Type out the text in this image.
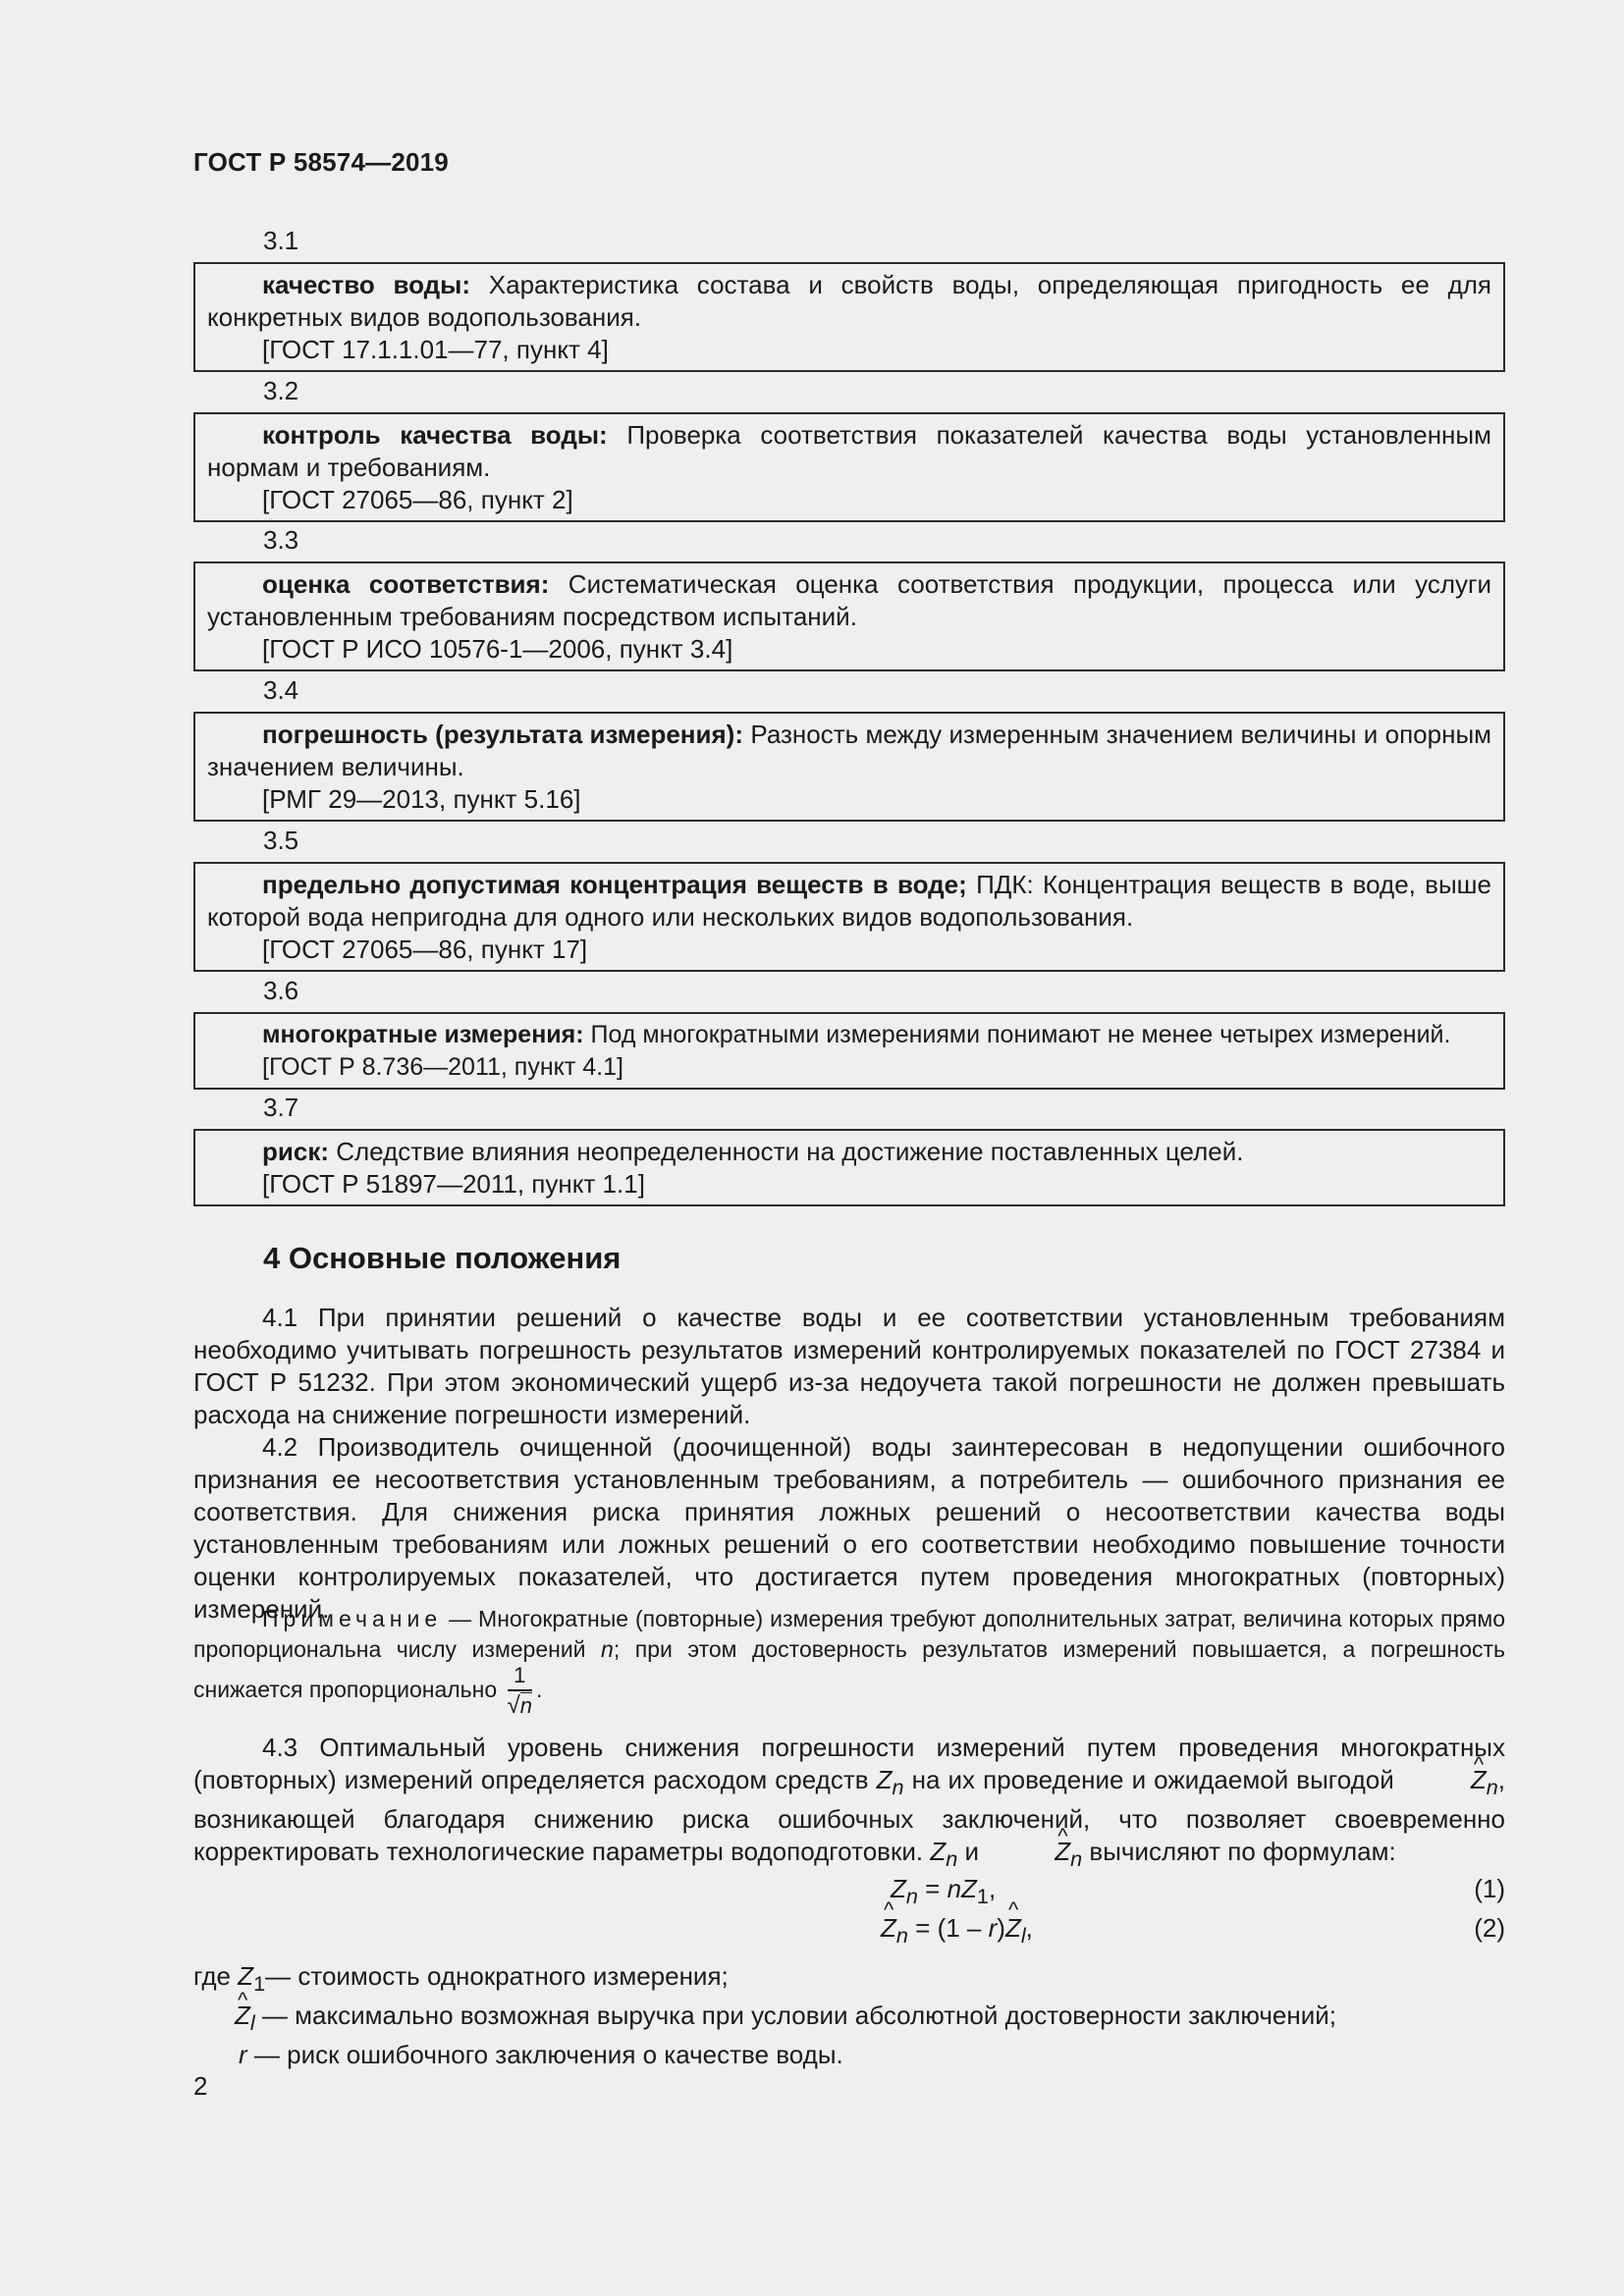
ГОСТ Р 58574—2019
3.1

качество воды: Характеристика состава и свойств воды, определяющая пригодность ее для конкретных видов водопользования.

[ГОСТ 17.1.1.01—77, пункт 4]
3.2

контроль качества воды: Проверка соответствия показателей качества воды установленным нормам и требованиям.

[ГОСТ 27065—86, пункт 2]
3.3

оценка соответствия: Систематическая оценка соответствия продукции, процесса или услуги установленным требованиям посредством испытаний.

[ГОСТ Р ИСО 10576-1—2006, пункт 3.4]
3.4

погрешность (результата измерения): Разность между измеренным значением величины и опорным значением величины.

[РМГ 29—2013, пункт 5.16]
3.5

предельно допустимая концентрация веществ в воде; ПДК: Концентрация веществ в воде, выше которой вода непригодна для одного или нескольких видов водопользования.

[ГОСТ 27065—86, пункт 17]
3.6

многократные измерения: Под многократными измерениями понимают не менее четырех измерений.

[ГОСТ Р 8.736—2011, пункт 4.1]
3.7

риск: Следствие влияния неопределенности на достижение поставленных целей.

[ГОСТ Р 51897—2011, пункт 1.1]
4 Основные положения

4.1 При принятии решений о качестве воды и ее соответствии установленным требованиям необходимо учитывать погрешность результатов измерений контролируемых показателей по ГОСТ 27384 и ГОСТ Р 51232. При этом экономический ущерб из-за недоучета такой погрешности не должен превышать расхода на снижение погрешности измерений.

4.2 Производитель очищенной (доочищенной) воды заинтересован в недопущении ошибочного признания ее несоответствия установленным требованиям, а потребитель — ошибочного признания ее соответствия. Для снижения риска принятия ложных решений о несоответствии качества воды установленным требованиям или ложных решений о его соответствии необходимо повышение точности оценки контролируемых показателей, что достигается путем проведения многократных (повторных) измерений.

Примечание — Многократные (повторные) измерения требуют дополнительных затрат, величина которых прямо пропорциональна числу измерений n; при этом достоверность результатов измерений повышается, а погрешность снижается пропорционально $\frac{1}{√n}$ .

4.3 Оптимальный уровень снижения погрешности измерений путем проведения многократных (повторных) измерений определяется расходом средств $Z_n$ на их проведение и ожидаемой выгодой	^ $Z_n$, возникающей благодаря снижению риска ошибочных заключений, что позволяет своевременно корректировать технологические параметры водоподготовки. $Z_n$ и	^ $Z_n$ вычисляют по формулам:

$Z_n = nZ_1$,	(1)
^ $Z_n = (1$ – r)^ $Z_l$,	(2)
где $Z_1—$ стоимость однократного измерения;
^ $Z_l$ — максимально возможная выручка при условии абсолютной достоверности заключений;
r — риск ошибочного заключения о качестве воды.
2
